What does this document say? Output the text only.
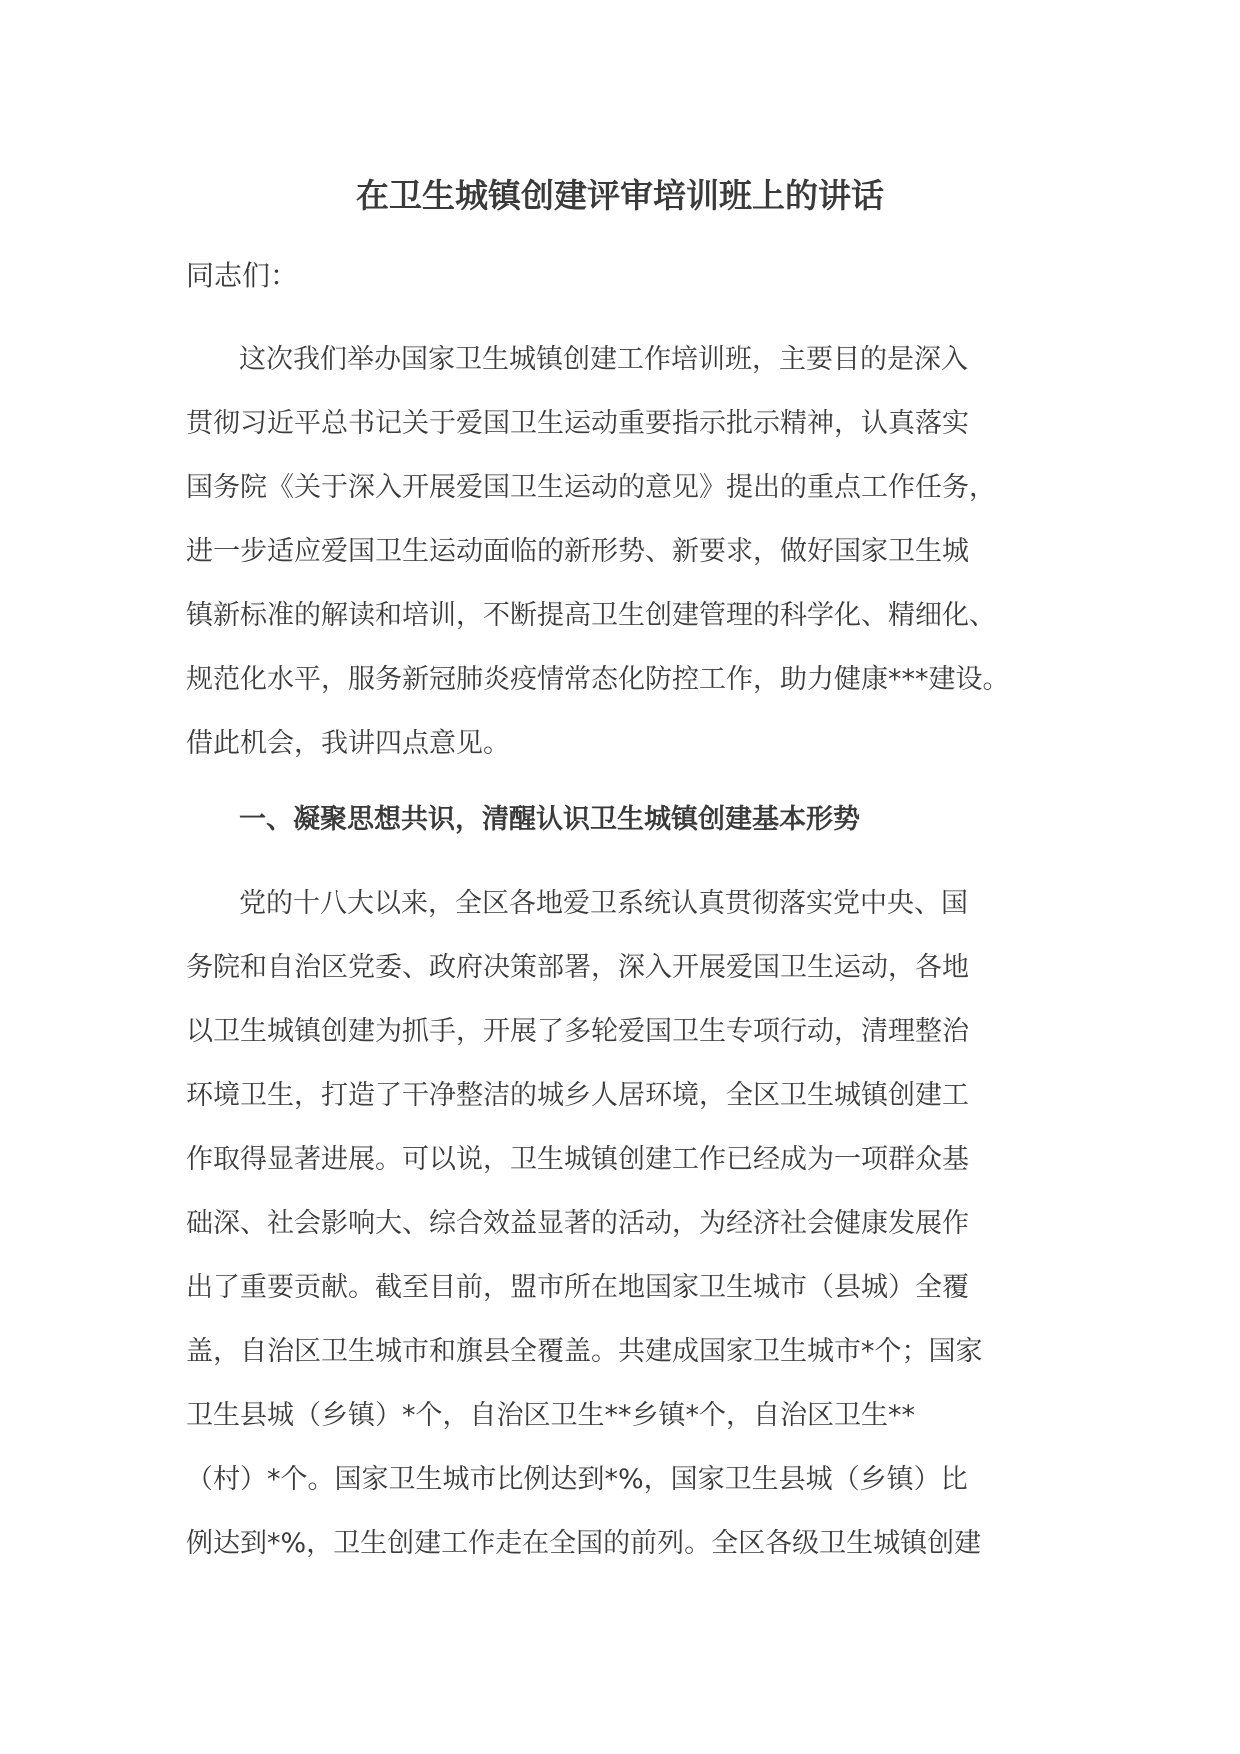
在卫生城镇创建评审培训班上的讲话

同志们：

这次我们举办国家卫生城镇创建工作培训班，主要目的是深入
贯彻习近平总书记关于爱国卫生运动重要指示批示精神，认真落实
国务院《关于深入开展爱国卫生运动的意见》提出的重点工作任务，
进一步适应爱国卫生运动面临的新形势、新要求，做好国家卫生城
镇新标准的解读和培训，不断提高卫生创建管理的科学化、精细化、
规范化水平，服务新冠肺炎疫情常态化防控工作，助力健康***建设。
借此机会，我讲四点意见。
一、凝聚思想共识，清醒认识卫生城镇创建基本形势
党的十八大以来，全区各地爱卫系统认真贯彻落实党中央、国
务院和自治区党委、政府决策部署，深入开展爱国卫生运动，各地
以卫生城镇创建为抓手，开展了多轮爱国卫生专项行动，清理整治
环境卫生，打造了干净整洁的城乡人居环境，全区卫生城镇创建工
作取得显著进展。可以说，卫生城镇创建工作已经成为一项群众基
础深、社会影响大、综合效益显著的活动，为经济社会健康发展作
出了重要贡献。截至目前，盟市所在地国家卫生城市（县城）全覆
盖，自治区卫生城市和旗县全覆盖。共建成国家卫生城市*个；国家
卫生县城（乡镇）*个，自治区卫生**乡镇*个，自治区卫生**
（村）*个。国家卫生城市比例达到*%，国家卫生县城（乡镇）比
例达到*%，卫生创建工作走在全国的前列。全区各级卫生城镇创建
